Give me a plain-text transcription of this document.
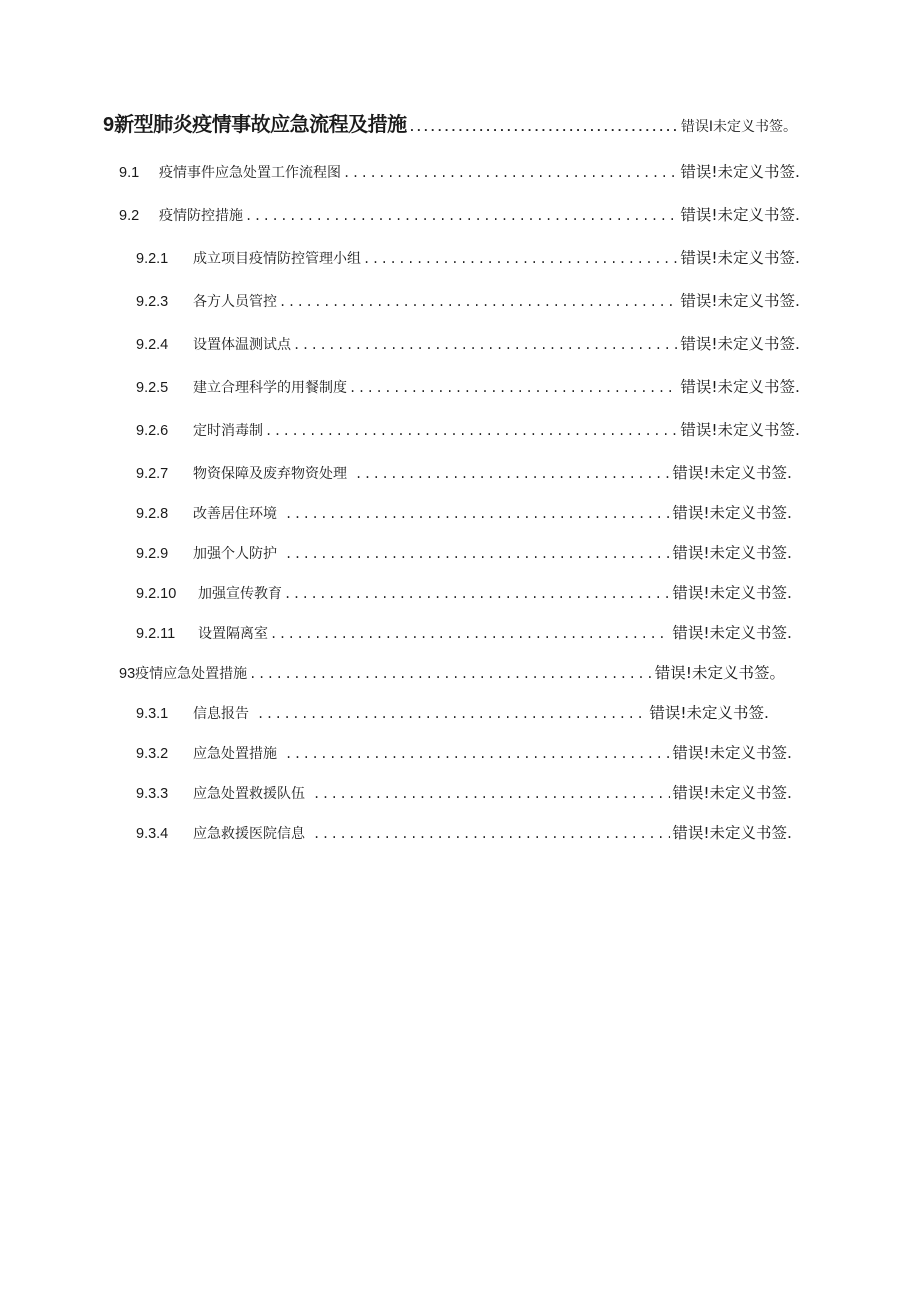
9 新型肺炎疫情事故应急流程及措施 .....	错误I未定义书签。
9.1	疫情事件应急处置工作流程图 .....	错误!未定义书签.
9.2	疫情防控措施 .....	错误!未定义书签.
9.2.1	成立项目疫情防控管理小组 .....	错误!未定义书签.
9.2.3	各方人员管控 .....	错误!未定义书签.
9.2.4	设置体温测试点 .....	错误!未定义书签.
9.2.5	建立合理科学的用餐制度 .....	错误!未定义书签.
9.2.6	定时消毒制 .....	错误!未定义书签.
9.2.7	物资保障及废弃物资处理 .....	错误!未定义书签.
9.2.8	改善居住环境 .....	错误!未定义书签.
9.2.9	加强个人防护 .....	错误!未定义书签.
9.2.10	加强宣传教育 .....	错误!未定义书签.
9.2.11	设置隔离室 .....	错误!未定义书签.
93 疫情应急处置措施 .....	错误!未定义书签。
9.3.1	信息报告 .....	错误!未定义书签.
9.3.2	应急处置措施 .....	错误!未定义书签.
9.3.3	应急处置救援队伍 .....	错误!未定义书签.
9.3.4	应急救援医院信息 .....	错误!未定义书签.
